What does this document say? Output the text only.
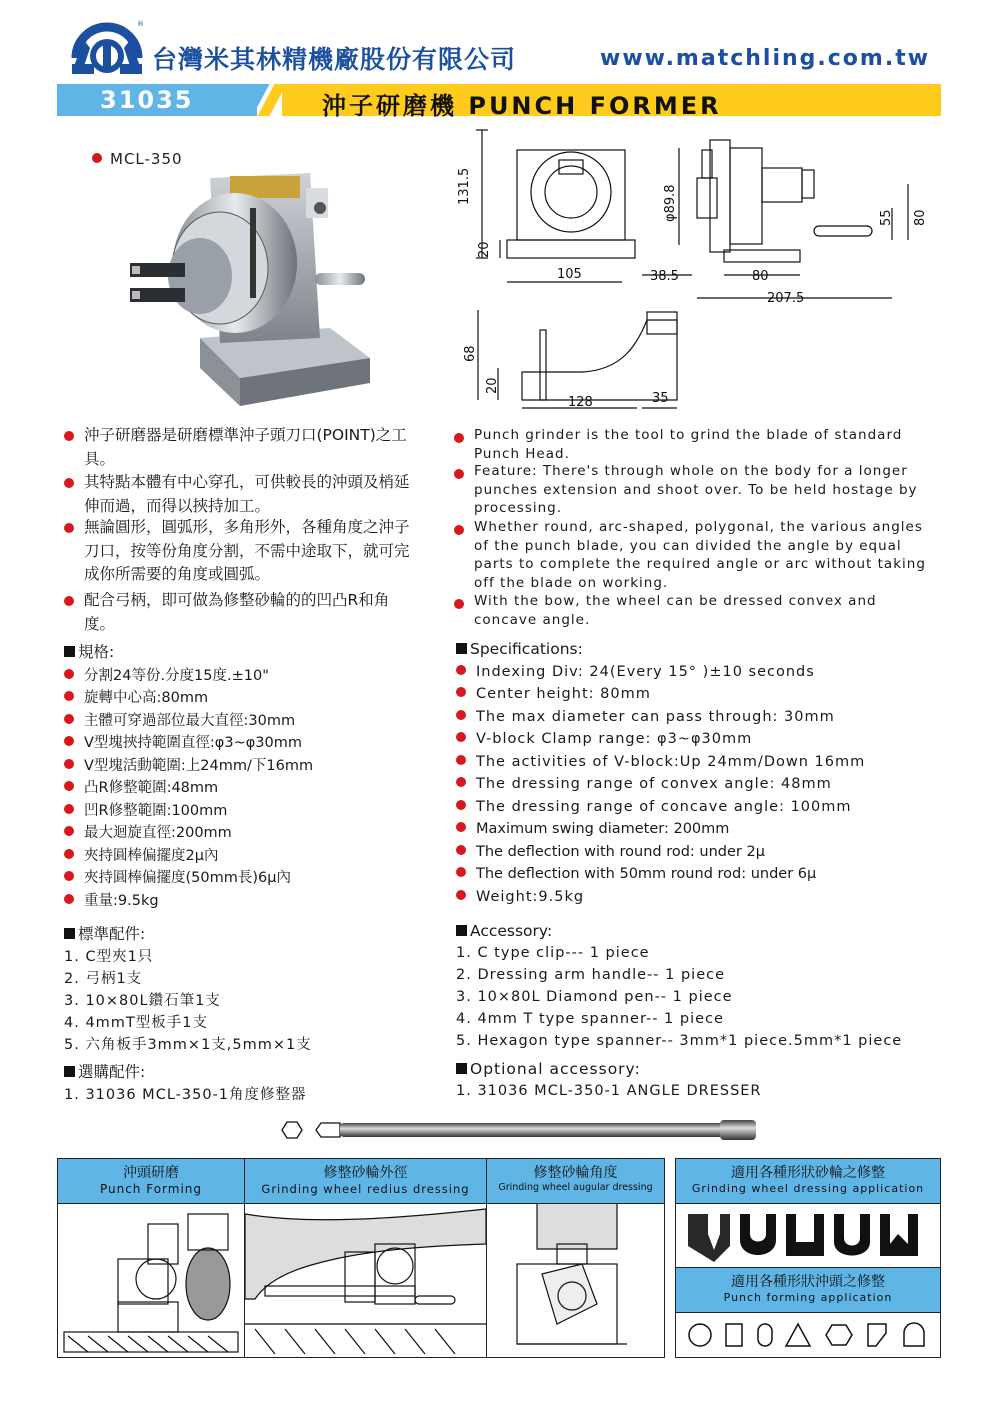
®
台灣米其林精機廠股份有限公司	www.matchling.com.tw
31035	沖子研磨機 PUNCH FORMER
MCL-350
131.5
20
105
φ89.8
38.5	80
207.5
55 80
68
20
128	35
沖子研磨器是研磨標準沖子頭刀口(POINT)之工具。
其特點本體有中心穿孔，可供較長的沖頭及梢延伸而過，而得以挾持加工。
無論圓形，圓弧形，多角形外，各種角度之沖子刀口，按等份角度分割，不需中途取下，就可完成你所需要的角度或圓弧。
配合弓柄，即可做為修整砂輪的的凹凸R和角度。
Punch grinder is the tool to grind the blade of standard Punch Head.
Feature: There's through whole on the body for a longer punches extension and shoot over. To be held hostage by processing.
Whether round, arc-shaped, polygonal, the various angles of the punch blade, you can divided the angle by equal parts to complete the required angle or arc without taking off the blade on working.
With the bow, the wheel can be dressed convex and concave angle.
規格:	Specifications:
分割24等份.分度15度.±10"
旋轉中心高:80mm
主體可穿過部位最大直徑:30mm
V型塊挾持範圍直徑:φ3~φ30mm
V型塊活動範圍:上24mm/下16mm
凸R修整範圍:48mm
凹R修整範圍:100mm
最大迴旋直徑:200mm
夾持圓棒偏擺度2μ內
夾持圓棒偏擺度(50mm長)6μ內
重量:9.5kg
Indexing Div: 24(Every 15° )±10 seconds
Center height: 80mm
The max diameter can pass through: 30mm
V-block Clamp range: φ3~φ30mm
The activities of V-block:Up 24mm/Down 16mm
The dressing range of convex angle: 48mm
The dressing range of concave angle: 100mm
Maximum swing diameter: 200mm
The deflection with round rod: under 2μ
The deflection with 50mm round rod: under 6μ
Weight:9.5kg
標準配件:	Accessory:
1. C型夾1只
2. 弓柄1支
3. 10×80L鑽石筆1支
4. 4mmT型板手1支
5. 六角板手3mm×1支,5mm×1支
1. C type clip--- 1 piece
2. Dressing arm handle-- 1 piece
3. 10×80L Diamond pen-- 1 piece
4. 4mm T type spanner-- 1 piece
5. Hexagon type spanner-- 3mm*1 piece.5mm*1 piece
選購配件:	Optional accessory:
1. 31036 MCL-350-1角度修整器	1. 31036 MCL-350-1 ANGLE DRESSER
沖頭研磨
Punch Forming
修整砂輪外徑
Grinding wheel redius dressing
修整砂輪角度
Grinding wheel augular dressing
適用各種形狀砂輪之修整
Grinding wheel dressing application
適用各種形狀沖頭之修整
Punch forming application
